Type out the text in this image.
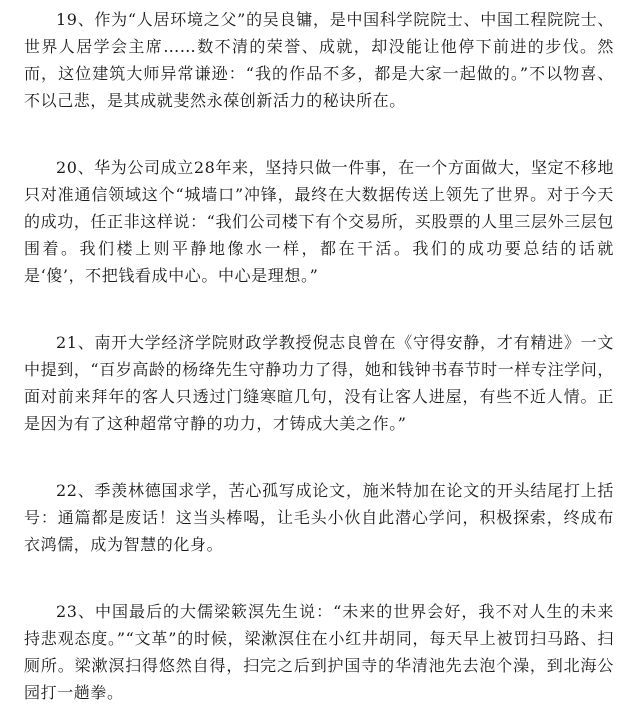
19、作为“人居环境之父”的吴良镛，是中国科学院院士、中国工程院院士、世界人居学会主席……数不清的荣誉、成就，却没能让他停下前进的步伐。然而，这位建筑大师异常谦逊：“我的作品不多，都是大家一起做的。”不以物喜、不以己悲，是其成就斐然永葆创新活力的秘诀所在。

20、华为公司成立28年来，坚持只做一件事，在一个方面做大，坚定不移地只对准通信领域这个“城墙口”冲锋，最终在大数据传送上领先了世界。对于今天的成功，任正非这样说：“我们公司楼下有个交易所，买股票的人里三层外三层包围着。我们楼上则平静地像水一样，都在干活。我们的成功要总结的话就是‘傻’，不把钱看成中心。中心是理想。”

21、南开大学经济学院财政学教授倪志良曾在《守得安静，才有精进》一文中提到，“百岁高龄的杨绛先生守静功力了得，她和钱钟书春节时一样专注学问，面对前来拜年的客人只透过门缝寒暄几句，没有让客人进屋，有些不近人情。正是因为有了这种超常守静的功力，才铸成大美之作。”

22、季羡林德国求学，苦心孤写成论文，施米特加在论文的开头结尾打上括号：通篇都是废话！这当头棒喝，让毛头小伙自此潜心学问，积极探索，终成布衣鸿儒，成为智慧的化身。

23、中国最后的大儒梁簌溟先生说：“未来的世界会好，我不对人生的未来持悲观态度。”“文革”的时候，梁漱溟住在小红井胡同，每天早上被罚扫马路、扫厕所。梁漱溟扫得悠然自得，扫完之后到护国寺的华清池先去泡个澡，到北海公园打一趟拳。
